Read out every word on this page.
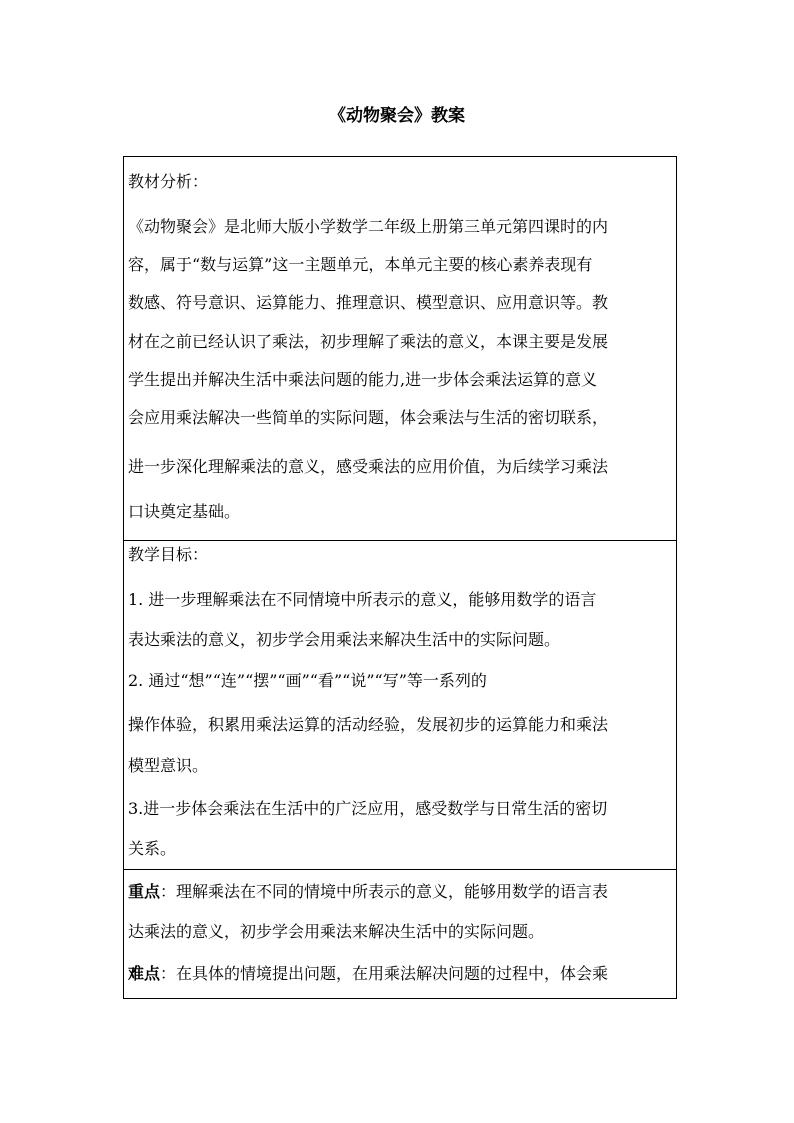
《动物聚会》教案
教材分析：
《动物聚会》是北师大版小学数学二年级上册第三单元第四课时的内
容，属于“数与运算”这一主题单元，本单元主要的核心素养表现有
数感、符号意识、运算能力、推理意识、模型意识、应用意识等。教
材在之前已经认识了乘法，初步理解了乘法的意义，本课主要是发展
学生提出并解决生活中乘法问题的能力,进一步体会乘法运算的意义
会应用乘法解决一些简单的实际问题，体会乘法与生活的密切联系，
进一步深化理解乘法的意义，感受乘法的应用价值，为后续学习乘法
口诀奠定基础。
教学目标：
1. 进一步理解乘法在不同情境中所表示的意义，能够用数学的语言
表达乘法的意义，初步学会用乘法来解决生活中的实际问题。
2. 通过“想”“连”“摆”“画”“看”“说”“写”等一系列的
操作体验，积累用乘法运算的活动经验，发展初步的运算能力和乘法
模型意识。
3.进一步体会乘法在生活中的广泛应用，感受数学与日常生活的密切
关系。
重点：理解乘法在不同的情境中所表示的意义，能够用数学的语言表
达乘法的意义，初步学会用乘法来解决生活中的实际问题。
难点：在具体的情境提出问题，在用乘法解决问题的过程中，体会乘
